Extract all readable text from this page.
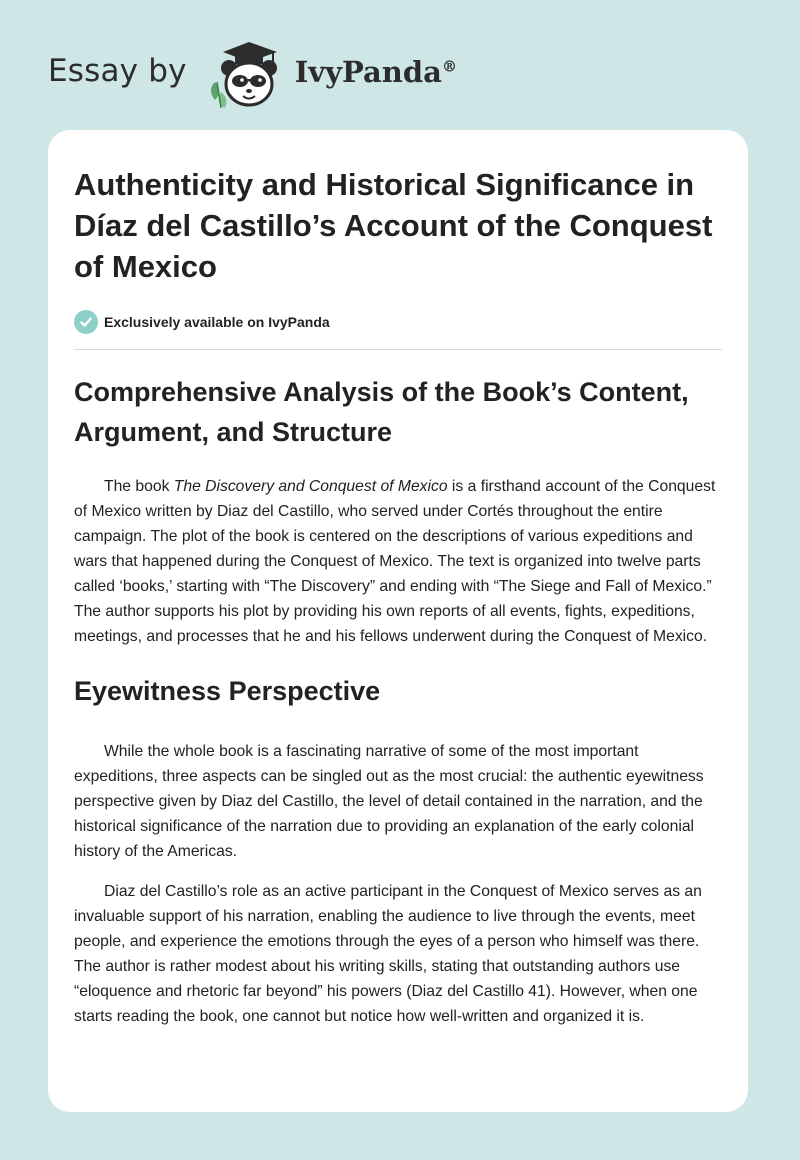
Essay by	IvyPanda®
Authenticity and Historical Significance in Díaz del Castillo’s Account of the Conquest of Mexico
Exclusively available on IvyPanda
Comprehensive Analysis of the Book’s Content, Argument, and Structure

The book The Discovery and Conquest of Mexico is a firsthand account of the Conquest of Mexico written by Diaz del Castillo, who served under Cortés throughout the entire campaign. The plot of the book is centered on the descriptions of various expeditions and wars that happened during the Conquest of Mexico. The text is organized into twelve parts called ‘books,’ starting with “The Discovery” and ending with “The Siege and Fall of Mexico.” The author supports his plot by providing his own reports of all events, fights, expeditions, meetings, and processes that he and his fellows underwent during the Conquest of Mexico.

Eyewitness Perspective

While the whole book is a fascinating narrative of some of the most important expeditions, three aspects can be singled out as the most crucial: the authentic eyewitness perspective given by Diaz del Castillo, the level of detail contained in the narration, and the historical significance of the narration due to providing an explanation of the early colonial history of the Americas.

Diaz del Castillo’s role as an active participant in the Conquest of Mexico serves as an invaluable support of his narration, enabling the audience to live through the events, meet people, and experience the emotions through the eyes of a person who himself was there. The author is rather modest about his writing skills, stating that outstanding authors use “eloquence and rhetoric far beyond” his powers (Diaz del Castillo 41). However, when one starts reading the book, one cannot but notice how well-written and organized it is.
